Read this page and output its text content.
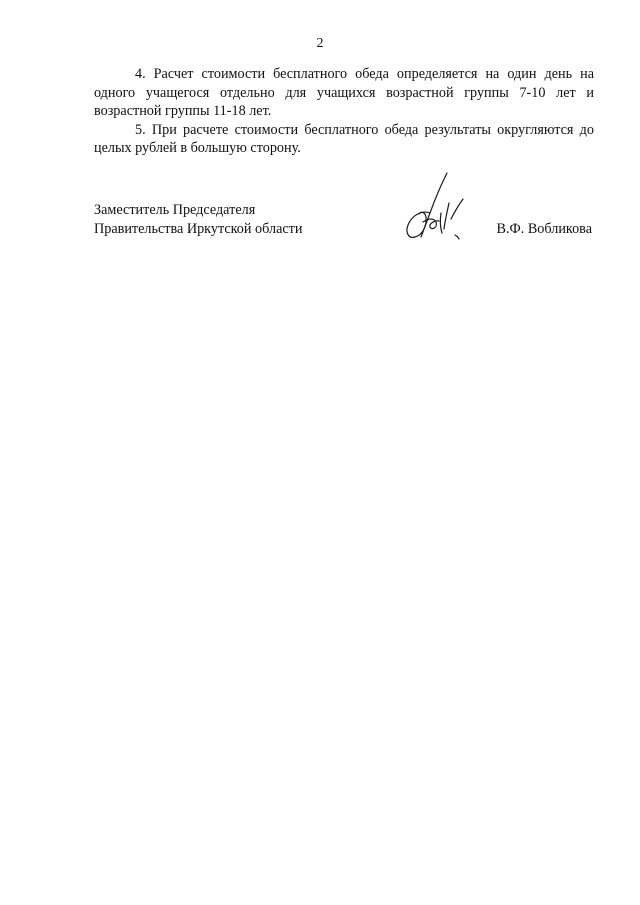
2

4. Расчет стоимости бесплатного обеда определяется на один день на одного учащегося отдельно для учащихся возрастной группы 7-10 лет и возрастной группы 11-18 лет.

5. При расчете стоимости бесплатного обеда результаты округляются до целых рублей в большую сторону.

Заместитель Председателя
Правительства Иркутской области	В.Ф. Вобликова
